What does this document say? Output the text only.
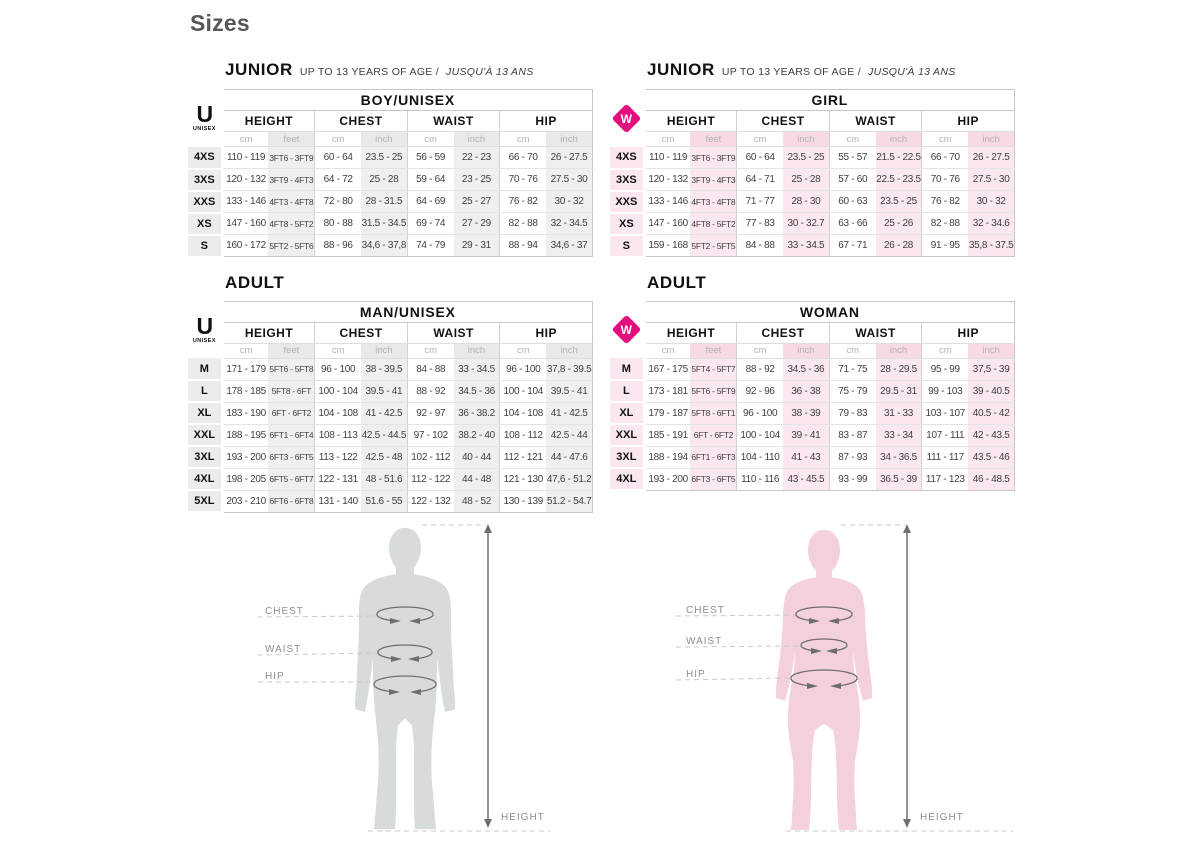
Sizes
JUNIOR UP TO 13 YEARS OF AGE / JUSQU'À 13 ANS
U
UNISEX	BOY/UNISEX							
	HEIGHT		CHEST		WAIST		HIP	
	cm	feet	cm	inch	cm	inch	cm	inch
4XS	110 - 119	3FT6 - 3FT9	60 - 64	23.5 - 25	56 - 59	22 - 23	66 - 70	26 - 27.5
3XS	120 - 132	3FT9 - 4FT3	64 - 72	25 - 28	59 - 64	23 - 25	70 - 76	27.5 - 30
XXS	133 - 146	4FT3 - 4FT8	72 - 80	28 - 31.5	64 - 69	25 - 27	76 - 82	30 - 32
XS	147 - 160	4FT8 - 5FT2	80 - 88	31.5 - 34.5	69 - 74	27 - 29	82 - 88	32 - 34.5
S	160 - 172	5FT2 - 5FT6	88 - 96	34,6 - 37,8	74 - 79	29 - 31	88 - 94	34,6 - 37
ADULT
U
UNISEX	MAN/UNISEX							
	HEIGHT		CHEST		WAIST		HIP	
	cm	feet	cm	inch	cm	inch	cm	inch
M	171 - 179	5FT6 - 5FT8	96 - 100	38 - 39.5	84 - 88	33 - 34.5	96 - 100	37,8 - 39.5
L	178 - 185	5FT8 - 6FT	100 - 104	39.5 - 41	88 - 92	34.5 - 36	100 - 104	39.5 - 41
XL	183 - 190	6FT - 6FT2	104 - 108	41 - 42.5	92 - 97	36 - 38.2	104 - 108	41 - 42.5
XXL	188 - 195	6FT1 - 6FT4	108 - 113	42.5 - 44.5	97 - 102	38.2 - 40	108 - 112	42.5 - 44
3XL	193 - 200	6FT3 - 6FT5	113 - 122	42.5 - 48	102 - 112	40 - 44	112 - 121	44 - 47.6
4XL	198 - 205	6FT5 - 6FT7	122 - 131	48 - 51.6	112 - 122	44 - 48	121 - 130	47,6 - 51.2
5XL	203 - 210	6FT6 - 6FT8	131 - 140	51.6 - 55	122 - 132	48 - 52	130 - 139	51.2 - 54.7
JUNIOR UP TO 13 YEARS OF AGE / JUSQU'À 13 ANS
W	GIRL							
	HEIGHT		CHEST		WAIST		HIP	
	cm	feet	cm	inch	cm	inch	cm	inch
4XS	110 - 119	3FT6 - 3FT9	60 - 64	23.5 - 25	55 - 57	21.5 - 22.5	66 - 70	26 - 27.5
3XS	120 - 132	3FT9 - 4FT3	64 - 71	25 - 28	57 - 60	22.5 - 23.5	70 - 76	27.5 - 30
XXS	133 - 146	4FT3 - 4FT8	71 - 77	28 - 30	60 - 63	23.5 - 25	76 - 82	30 - 32
XS	147 - 160	4FT8 - 5FT2	77 - 83	30 - 32.7	63 - 66	25 - 26	82 - 88	32 - 34.6
S	159 - 168	5FT2 - 5FT5	84 - 88	33 - 34.5	67 - 71	26 - 28	91 - 95	35,8 - 37.5
ADULT
W	WOMAN							
	HEIGHT		CHEST		WAIST		HIP	
	cm	feet	cm	inch	cm	inch	cm	inch
M	167 - 175	5FT4 - 5FT7	88 - 92	34.5 - 36	71 - 75	28 - 29.5	95 - 99	37,5 - 39
L	173 - 181	5FT6 - 5FT9	92 - 96	36 - 38	75 - 79	29.5 - 31	99 - 103	39 - 40.5
XL	179 - 187	5FT8 - 6FT1	96 - 100	38 - 39	79 - 83	31 - 33	103 - 107	40.5 - 42
XXL	185 - 191	6FT - 6FT2	100 - 104	39 - 41	83 - 87	33 - 34	107 - 111	42 - 43.5
3XL	188 - 194	6FT1 - 6FT3	104 - 110	41 - 43	87 - 93	34 - 36.5	111 - 117	43.5 - 46
4XL	193 - 200	6FT3 - 6FT5	110 - 116	43 - 45.5	93 - 99	36.5 - 39	117 - 123	46 - 48.5
CHEST
WAIST
HIP
HEIGHT
CHEST
WAIST
HIP
HEIGHT
